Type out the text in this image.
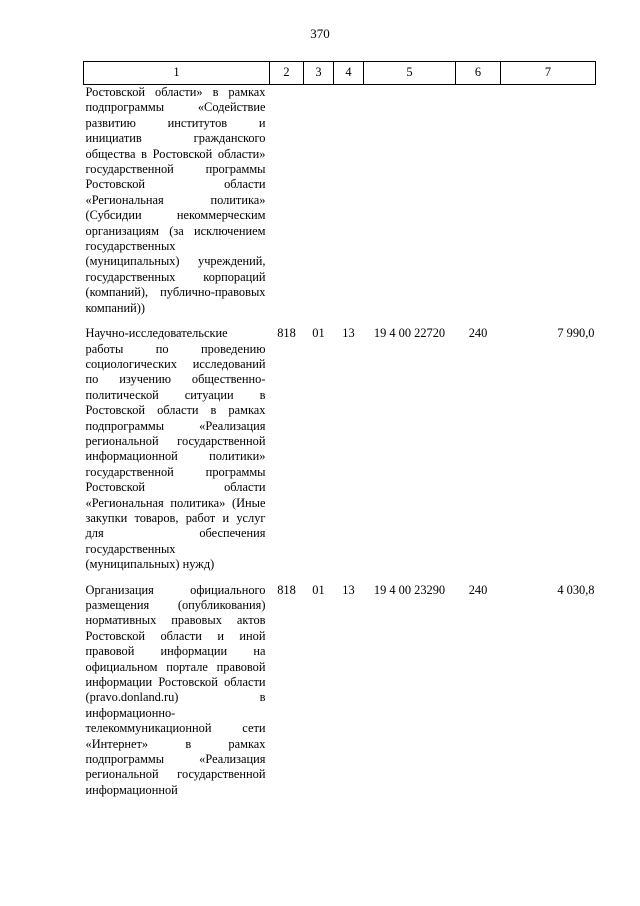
370
1	2	3	4	5	6	7
Ростовской области» в рамках подпрограммы «Содействие развитию институтов и инициатив гражданского общества в Ростовской области» государственной программы Ростовской области «Региональная политика» (Субсидии некоммерческим организациям (за исключением государственных (муниципальных) учреждений, государственных корпораций (компаний), публично-правовых компаний))						
Научно-исследовательские работы по проведению социологических исследований по изучению общественно-политической ситуации в Ростовской области в рамках подпрограммы «Реализация региональной государственной информационной политики» государственной программы Ростовской области «Региональная политика» (Иные закупки товаров, работ и услуг для обеспечения государственных (муниципальных) нужд)	818	01	13	19 4 00 22720	240	7 990,0
Организация официального размещения (опубликования) нормативных правовых актов Ростовской области и иной правовой информации на официальном портале правовой информации Ростовской области (pravo.donland.ru) в информационно-телекоммуникационной сети «Интернет» в рамках подпрограммы «Реализация региональной государственной информационной	818	01	13	19 4 00 23290	240	4 030,8
